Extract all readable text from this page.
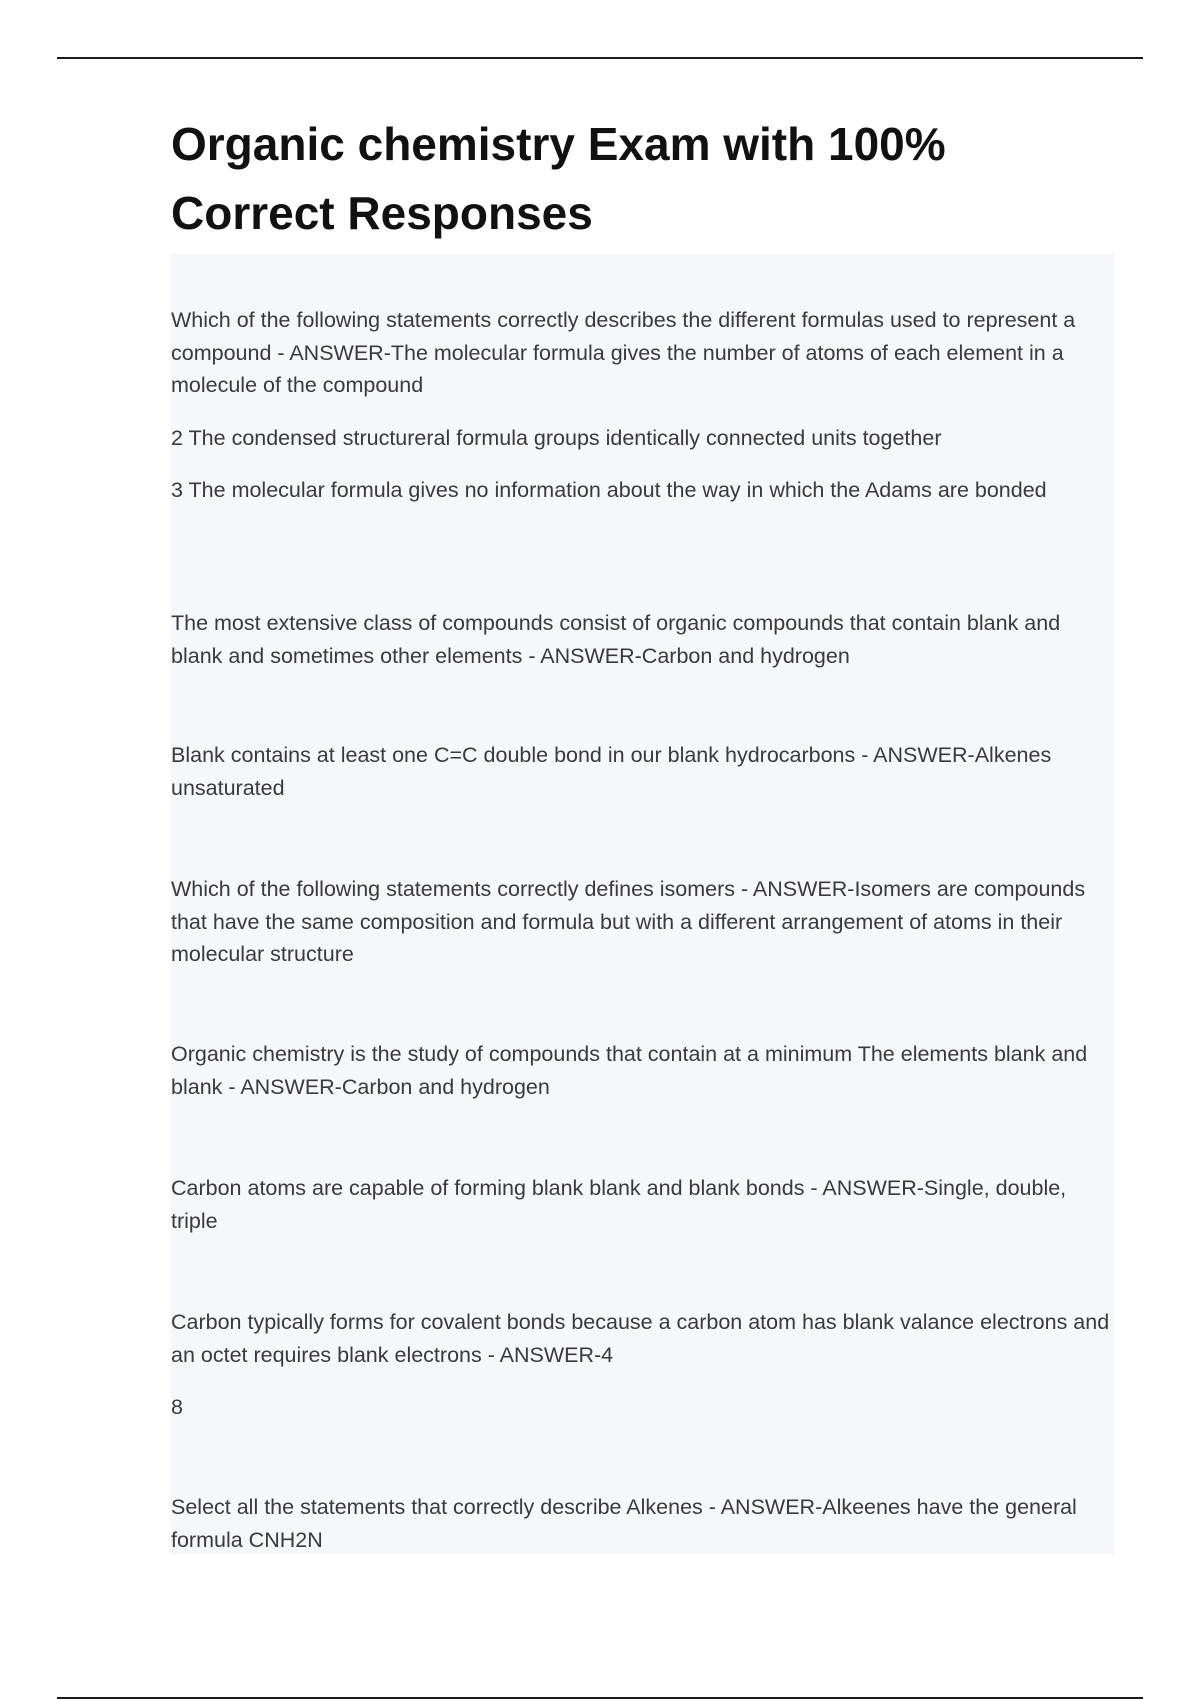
Organic chemistry Exam with 100% Correct Responses

Which of the following statements correctly describes the different formulas used to represent a compound - ANSWER-The molecular formula gives the number of atoms of each element in a molecule of the compound

2 The condensed structureral formula groups identically connected units together

3 The molecular formula gives no information about the way in which the Adams are bonded

The most extensive class of compounds consist of organic compounds that contain blank and blank and sometimes other elements - ANSWER-Carbon and hydrogen

Blank contains at least one C=C double bond in our blank hydrocarbons - ANSWER-Alkenes unsaturated

Which of the following statements correctly defines isomers - ANSWER-Isomers are compounds that have the same composition and formula but with a different arrangement of atoms in their molecular structure

Organic chemistry is the study of compounds that contain at a minimum The elements blank and blank - ANSWER-Carbon and hydrogen

Carbon atoms are capable of forming blank blank and blank bonds - ANSWER-Single, double, triple

Carbon typically forms for covalent bonds because a carbon atom has blank valance electrons and an octet requires blank electrons - ANSWER-4

8

Select all the statements that correctly describe Alkenes - ANSWER-Alkeenes have the general formula CNH2N
